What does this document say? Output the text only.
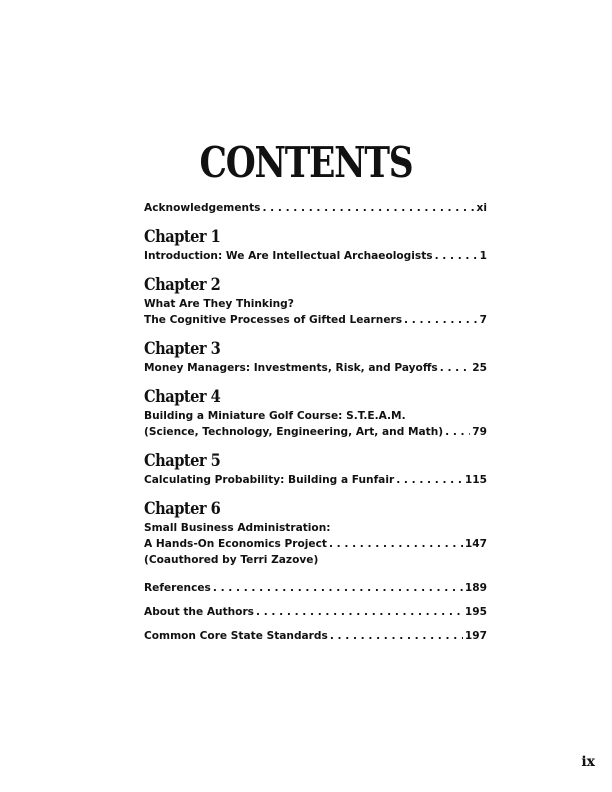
CONTENTS
Acknowledgements . . .	xi
Chapter 1
Introduction: We Are Intellectual Archaeologists . . .	1
Chapter 2
What Are They Thinking?
The Cognitive Processes of Gifted Learners . . .	7
Chapter 3
Money Managers: Investments, Risk, and Payoffs . . .	25
Chapter 4
Building a Miniature Golf Course: S.T.E.A.M.
(Science, Technology, Engineering, Art, and Math) . . .	79
Chapter 5
Calculating Probability: Building a Funfair . . .	115
Chapter 6
Small Business Administration:
A Hands-On Economics Project . . .	147
(Coauthored by Terri Zazove)
References . . .	189
About the Authors . . .	195
Common Core State Standards . . .	197
ix
